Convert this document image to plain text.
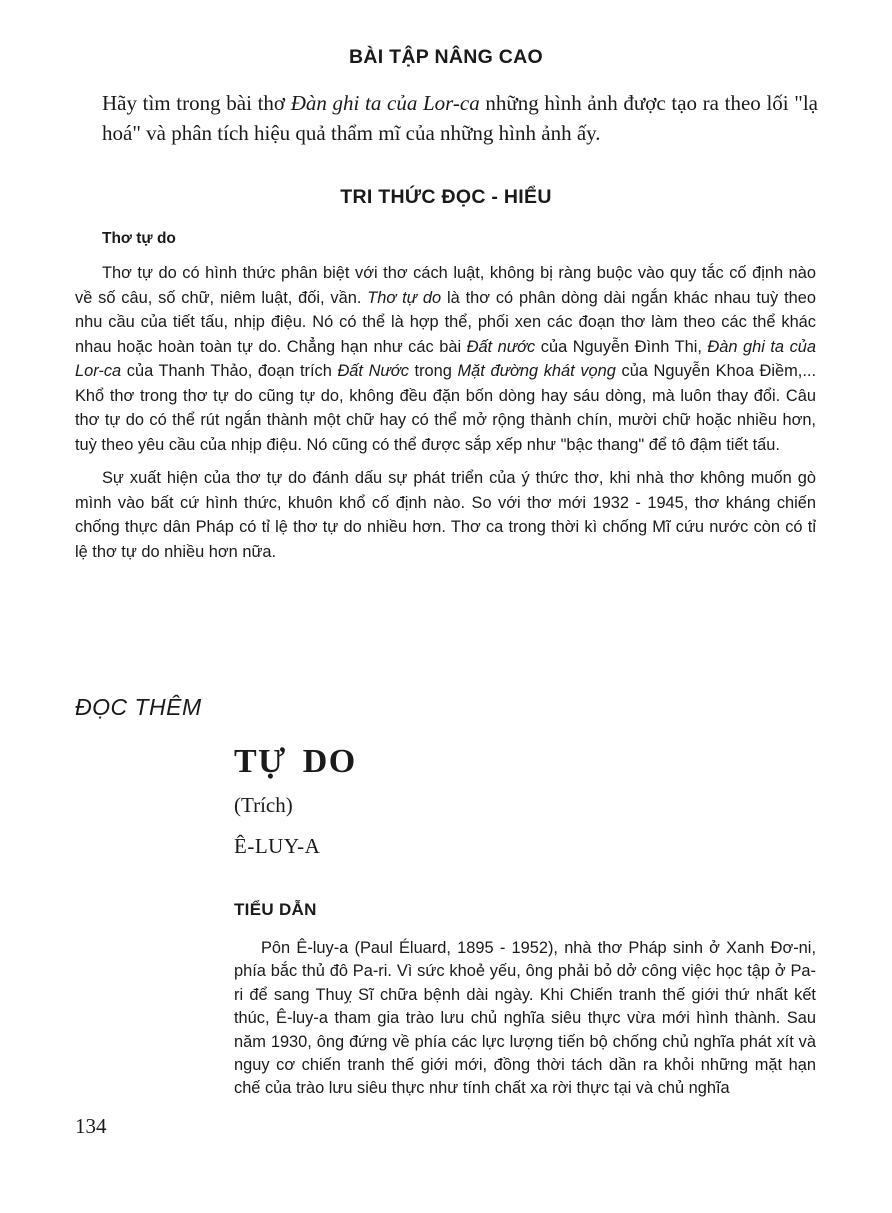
BÀI TẬP NÂNG CAO
Hãy tìm trong bài thơ Đàn ghi ta của Lor-ca những hình ảnh được tạo ra theo lối "lạ hoá" và phân tích hiệu quả thẩm mĩ của những hình ảnh ấy.
TRI THỨC ĐỌC - HIỂU
Thơ tự do

Thơ tự do có hình thức phân biệt với thơ cách luật, không bị ràng buộc vào quy tắc cố định nào về số câu, số chữ, niêm luật, đối, vần. Thơ tự do là thơ có phân dòng dài ngắn khác nhau tuỳ theo nhu cầu của tiết tấu, nhịp điệu. Nó có thể là hợp thể, phối xen các đoạn thơ làm theo các thể khác nhau hoặc hoàn toàn tự do. Chẳng hạn như các bài Đất nước của Nguyễn Đình Thi, Đàn ghi ta của Lor-ca của Thanh Thảo, đoạn trích Đất Nước trong Mặt đường khát vọng của Nguyễn Khoa Điềm,... Khổ thơ trong thơ tự do cũng tự do, không đều đặn bốn dòng hay sáu dòng, mà luôn thay đổi. Câu thơ tự do có thể rút ngắn thành một chữ hay có thể mở rộng thành chín, mười chữ hoặc nhiều hơn, tuỳ theo yêu cầu của nhịp điệu. Nó cũng có thể được sắp xếp như "bậc thang" để tô đậm tiết tấu.

Sự xuất hiện của thơ tự do đánh dấu sự phát triển của ý thức thơ, khi nhà thơ không muốn gò mình vào bất cứ hình thức, khuôn khổ cố định nào. So với thơ mới 1932 - 1945, thơ kháng chiến chống thực dân Pháp có tỉ lệ thơ tự do nhiều hơn. Thơ ca trong thời kì chống Mĩ cứu nước còn có tỉ lệ thơ tự do nhiều hơn nữa.

ĐỌC THÊM
TỰ DO
(Trích)
Ê-LUY-A
TIỂU DẪN

Pôn Ê-luy-a (Paul Éluard, 1895 - 1952), nhà thơ Pháp sinh ở Xanh Đơ-ni, phía bắc thủ đô Pa-ri. Vì sức khoẻ yếu, ông phải bỏ dở công việc học tập ở Pa-ri để sang Thuỵ Sĩ chữa bệnh dài ngày. Khi Chiến tranh thế giới thứ nhất kết thúc, Ê-luy-a tham gia trào lưu chủ nghĩa siêu thực vừa mới hình thành. Sau năm 1930, ông đứng về phía các lực lượng tiến bộ chống chủ nghĩa phát xít và nguy cơ chiến tranh thế giới mới, đồng thời tách dần ra khỏi những mặt hạn chế của trào lưu siêu thực như tính chất xa rời thực tại và chủ nghĩa

134
